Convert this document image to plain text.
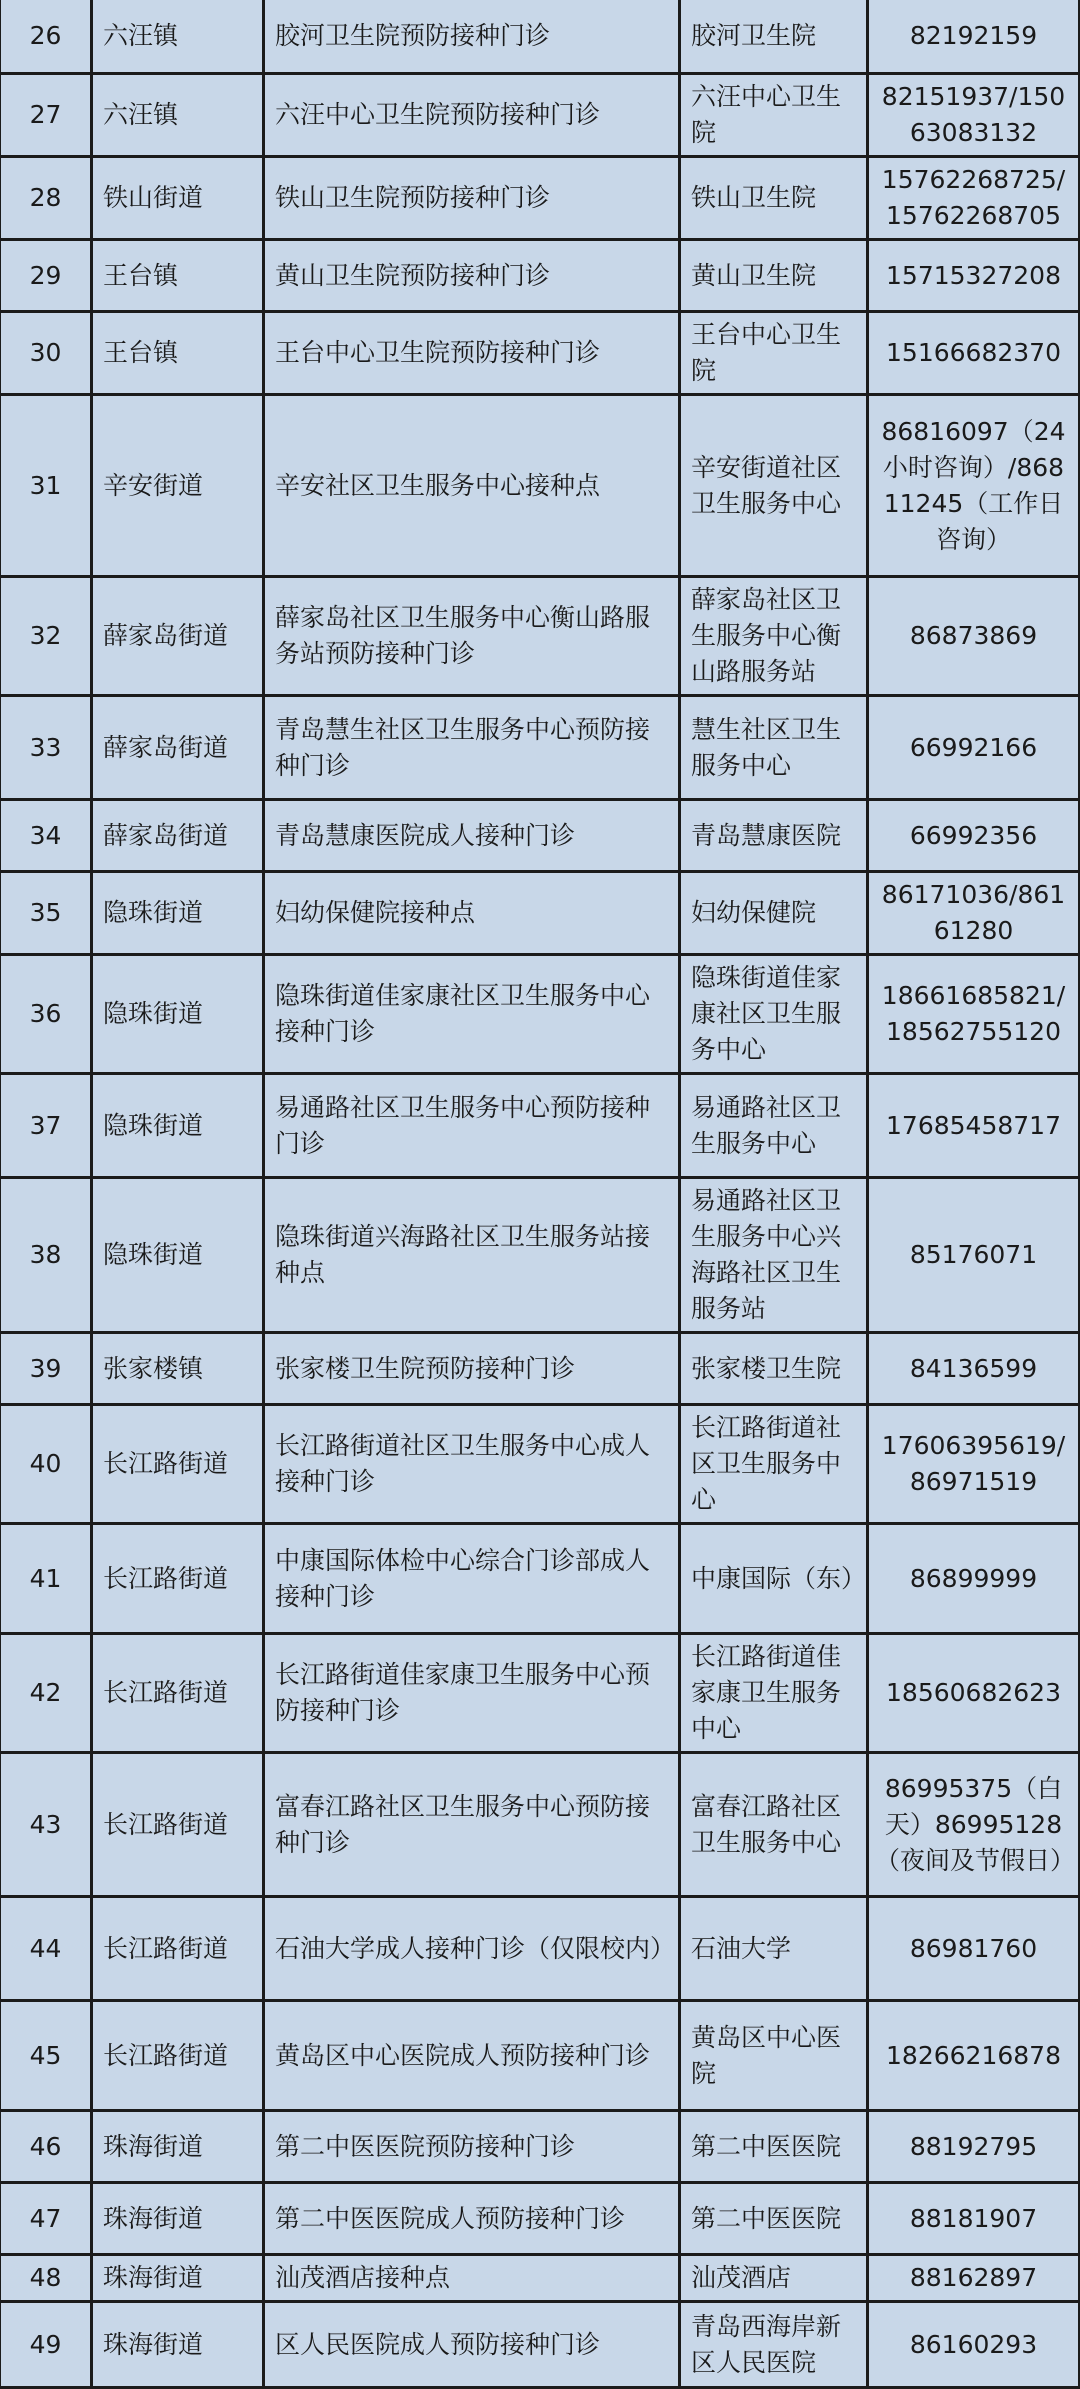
26	六汪镇	胶河卫生院预防接种门诊	胶河卫生院	82192159
27	六汪镇	六汪中心卫生院预防接种门诊	六汪中心卫生院	82151937/15063083132
28	铁山街道	铁山卫生院预防接种门诊	铁山卫生院	15762268725/15762268705
29	王台镇	黄山卫生院预防接种门诊	黄山卫生院	15715327208
30	王台镇	王台中心卫生院预防接种门诊	王台中心卫生院	15166682370
31	辛安街道	辛安社区卫生服务中心接种点	辛安街道社区卫生服务中心	86816097（24小时咨询）/86811245（工作日咨询）
32	薛家岛街道	薛家岛社区卫生服务中心衡山路服务站预防接种门诊	薛家岛社区卫生服务中心衡山路服务站	86873869
33	薛家岛街道	青岛慧生社区卫生服务中心预防接种门诊	慧生社区卫生服务中心	66992166
34	薛家岛街道	青岛慧康医院成人接种门诊	青岛慧康医院	66992356
35	隐珠街道	妇幼保健院接种点	妇幼保健院	86171036/86161280
36	隐珠街道	隐珠街道佳家康社区卫生服务中心接种门诊	隐珠街道佳家康社区卫生服务中心	18661685821/18562755120
37	隐珠街道	易通路社区卫生服务中心预防接种门诊	易通路社区卫生服务中心	17685458717
38	隐珠街道	隐珠街道兴海路社区卫生服务站接种点	易通路社区卫生服务中心兴海路社区卫生服务站	85176071
39	张家楼镇	张家楼卫生院预防接种门诊	张家楼卫生院	84136599
40	长江路街道	长江路街道社区卫生服务中心成人接种门诊	长江路街道社区卫生服务中心	17606395619/86971519
41	长江路街道	中康国际体检中心综合门诊部成人接种门诊	中康国际（东）	86899999
42	长江路街道	长江路街道佳家康卫生服务中心预防接种门诊	长江路街道佳家康卫生服务中心	18560682623
43	长江路街道	富春江路社区卫生服务中心预防接种门诊	富春江路社区卫生服务中心	86995375（白天）86995128（夜间及节假日）
44	长江路街道	石油大学成人接种门诊（仅限校内）	石油大学	86981760
45	长江路街道	黄岛区中心医院成人预防接种门诊	黄岛区中心医院	18266216878
46	珠海街道	第二中医医院预防接种门诊	第二中医医院	88192795
47	珠海街道	第二中医医院成人预防接种门诊	第二中医医院	88181907
48	珠海街道	汕茂酒店接种点	汕茂酒店	88162897
49	珠海街道	区人民医院成人预防接种门诊	青岛西海岸新区人民医院	86160293
